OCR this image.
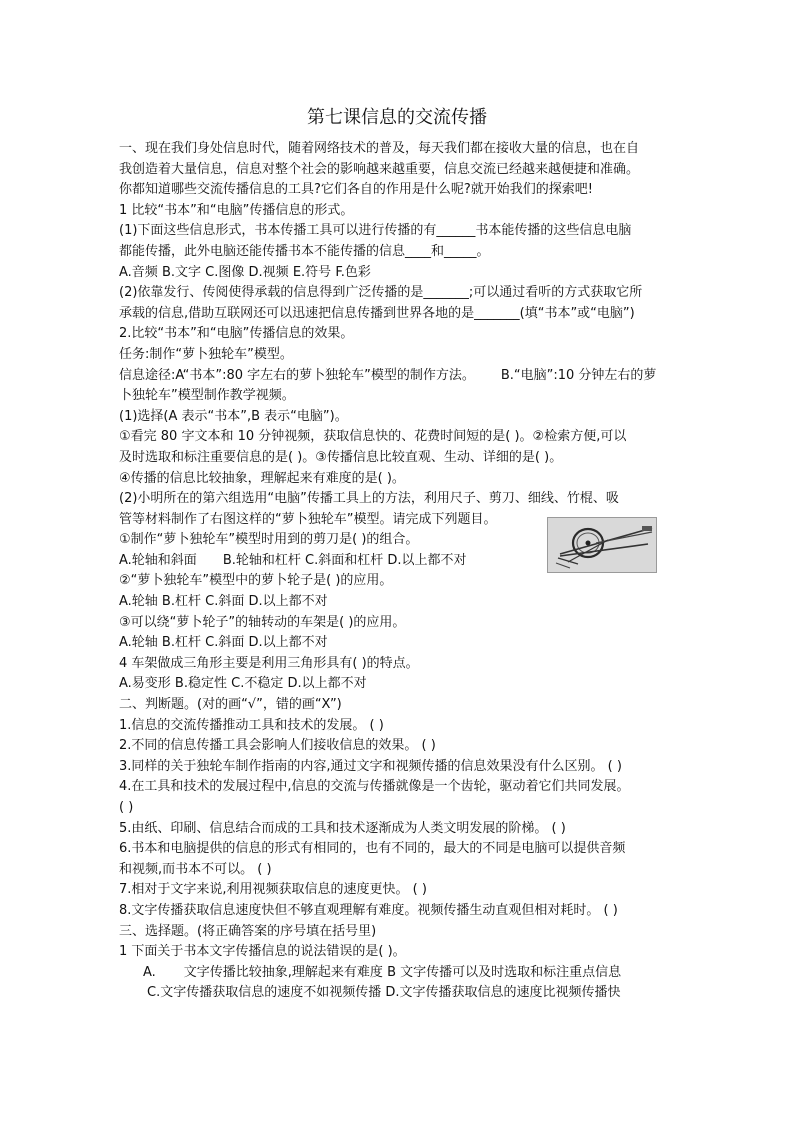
第七课信息的交流传播

一、现在我们身处信息时代，随着网络技术的普及，每天我们都在接收大量的信息，也在自

我创造着大量信息，信息对整个社会的影响越来越重要，信息交流已经越来越便捷和准确。

你都知道哪些交流传播信息的工具?它们各自的作用是什么呢?就开始我们的探索吧!

1 比较“书本”和“电脑”传播信息的形式。

(1)下面这些信息形式，书本传播工具可以进行传播的有______书本能传播的这些信息电脑

都能传播，此外电脑还能传播书本不能传播的信息____和_____。

A.音频 B.文字 C.图像 D.视频 E.符号 F.色彩

(2)依靠发行、传阅使得承载的信息得到广泛传播的是_______;可以通过看听的方式获取它所

承载的信息,借助互联网还可以迅速把信息传播到世界各地的是_______(填“书本”或“电脑”)

2.比较“书本”和“电脑”传播信息的效果。

任务:制作“萝卜独轮车”模型。

信息途径:A“书本”:80 字左右的萝卜独轮车”模型的制作方法。 B.“电脑”:10 分钟左右的萝

卜独轮车”模型制作教学视频。

(1)选择(A 表示“书本”,B 表示“电脑”)。

①看完 80 字文本和 10 分钟视频，获取信息快的、花费时间短的是( )。②检索方便,可以

及时选取和标注重要信息的是( )。③传播信息比较直观、生动、详细的是( )。

④传播的信息比较抽象，理解起来有难度的是( )。

(2)小明所在的第六组选用“电脑”传播工具上的方法，利用尺子、剪刀、细线、竹棍、吸

管等材料制作了右图这样的“萝卜独轮车”模型。请完成下列题目。

①制作“萝卜独轮车”模型时用到的剪刀是( )的组合。

A.轮轴和斜面 B.轮轴和杠杆 C.斜面和杠杆 D.以上都不对

②“萝卜独轮车”模型中的萝卜轮子是( )的应用。

A.轮轴 B.杠杆 C.斜面 D.以上都不对

③可以绕“萝卜轮子”的轴转动的车架是( )的应用。

A.轮轴 B.杠杆 C.斜面 D.以上都不对

4 车架做成三角形主要是利用三角形具有( )的特点。

A.易变形 B.稳定性 C.不稳定 D.以上都不对

二、判断题。(对的画“√”，错的画“X”)

1.信息的交流传播推动工具和技术的发展。 ( )

2.不同的信息传播工具会影响人们接收信息的效果。 ( )

3.同样的关于独轮车制作指南的内容,通过文字和视频传播的信息效果没有什么区别。 ( )

4.在工具和技术的发展过程中,信息的交流与传播就像是一个齿轮，驱动着它们共同发展。

( )

5.由纸、印刷、信息结合而成的工具和技术逐渐成为人类文明发展的阶梯。 ( )

6.书本和电脑提供的信息的形式有相同的，也有不同的，最大的不同是电脑可以提供音频

和视频,而书本不可以。 ( )

7.相对于文字来说,利用视频获取信息的速度更快。 ( )

8.文字传播获取信息速度快但不够直观理解有难度。视频传播生动直观但相对耗时。 ( )

三、选择题。(将正确答案的序号填在括号里)

1 下面关于书本文字传播信息的说法错误的是( )。

A. 文字传播比较抽象,理解起来有难度 B 文字传播可以及时选取和标注重点信息

C.文字传播获取信息的速度不如视频传播 D.文字传播获取信息的速度比视频传播快
